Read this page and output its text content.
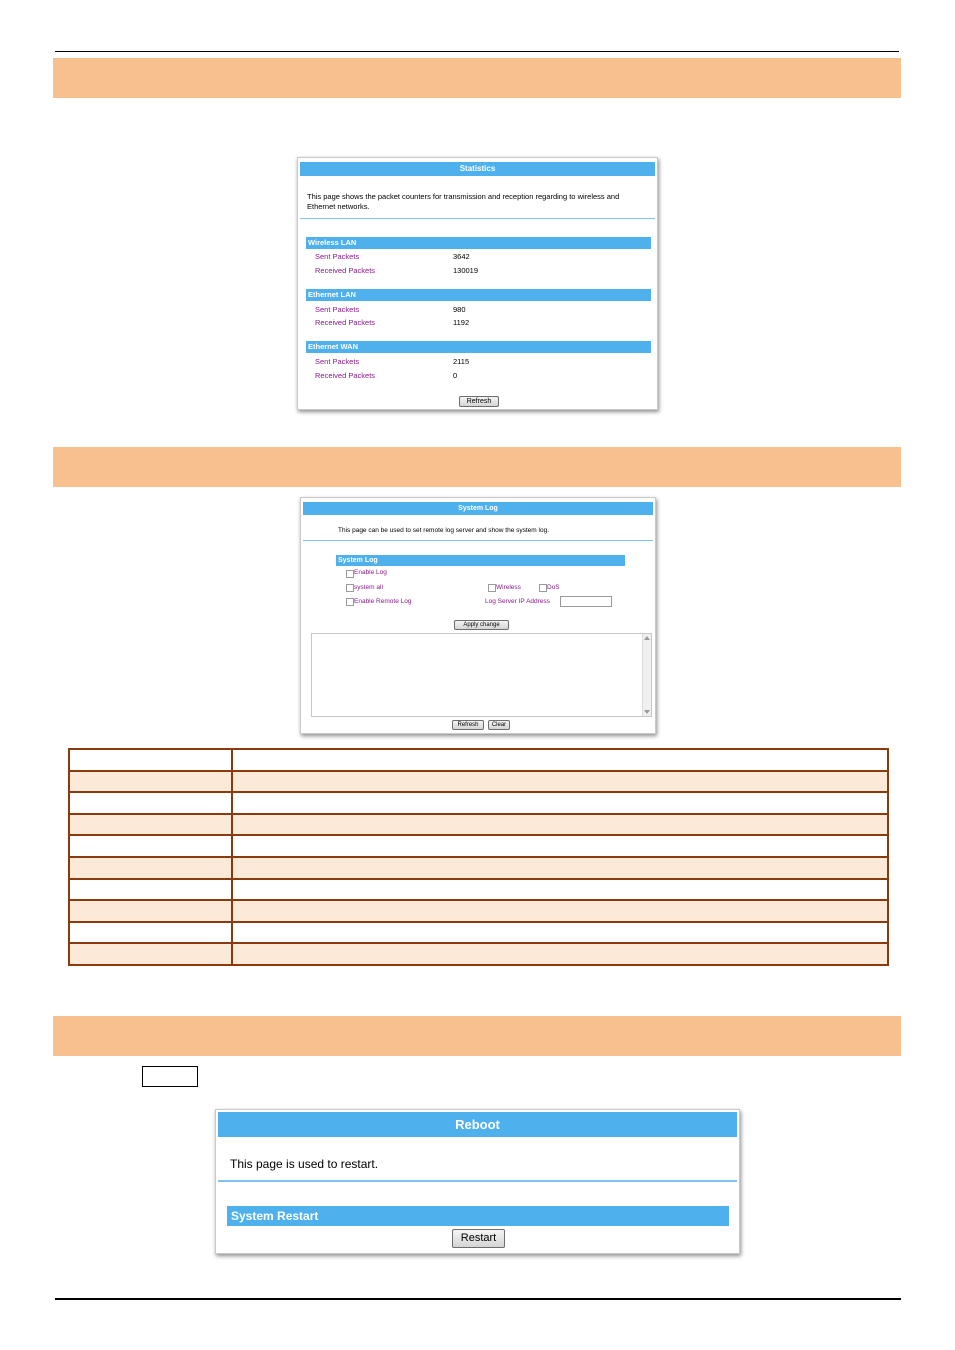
Statistics
This page shows the packet counters for transmission and reception regarding to wireless and Ethernet networks.
Wireless LAN
Sent Packets	3642
Received Packets	130019
Ethernet LAN
Sent Packets	980
Received Packets	1192
Ethernet WAN
Sent Packets	2115
Received Packets	0
Refresh
System Log
This page can be used to set remote log server and show the system log.
System Log
Enable Log
system all	Wireless	DoS
Enable Remote Log	Log Server IP Address
Apply change
Refresh	Clear

Reboot
This page is used to restart.
System Restart
Restart
